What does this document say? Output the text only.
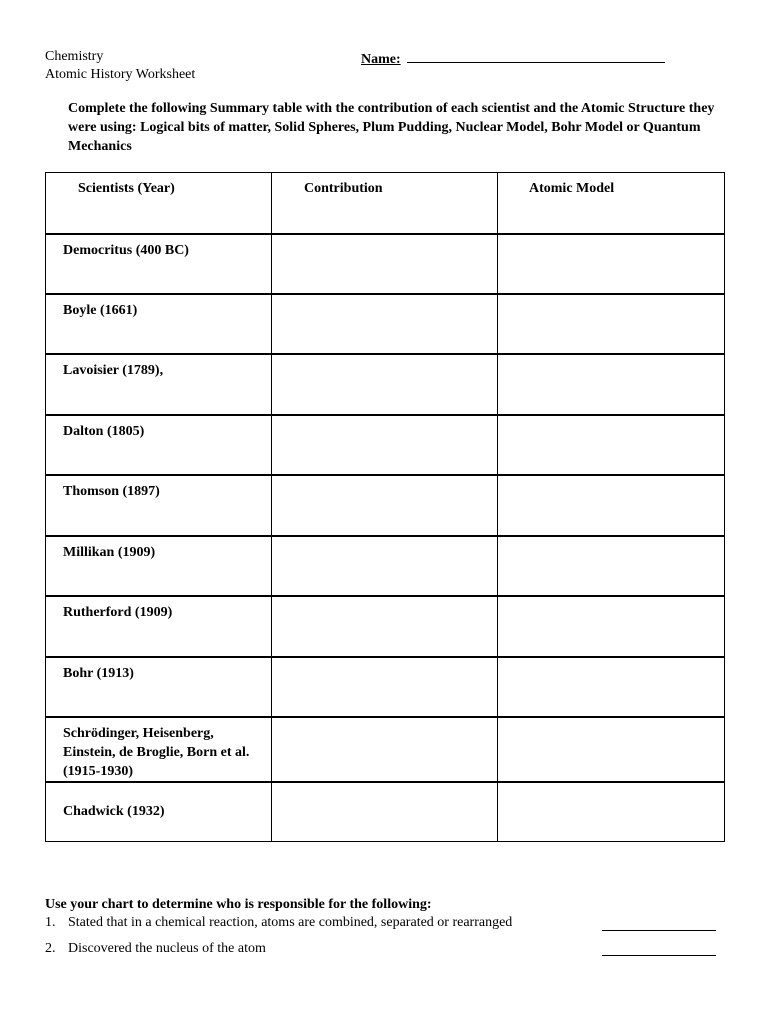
Chemistry
Atomic History Worksheet
Name:
Complete the following Summary table with the contribution of each scientist and the Atomic Structure they were using: Logical bits of matter, Solid Spheres, Plum Pudding, Nuclear Model, Bohr Model or Quantum Mechanics
Scientists (Year)	Contribution	Atomic Model
Democritus (400 BC)		
Boyle (1661)		
Lavoisier (1789),		
Dalton (1805)		
Thomson (1897)		
Millikan (1909)		
Rutherford (1909)		
Bohr (1913)		
Schrödinger, Heisenberg, Einstein, de Broglie, Born et al. (1915-1930)		
Chadwick (1932)		
Use your chart to determine who is responsible for the following:
1. Stated that in a chemical reaction, atoms are combined, separated or rearranged
2. Discovered the nucleus of the atom
